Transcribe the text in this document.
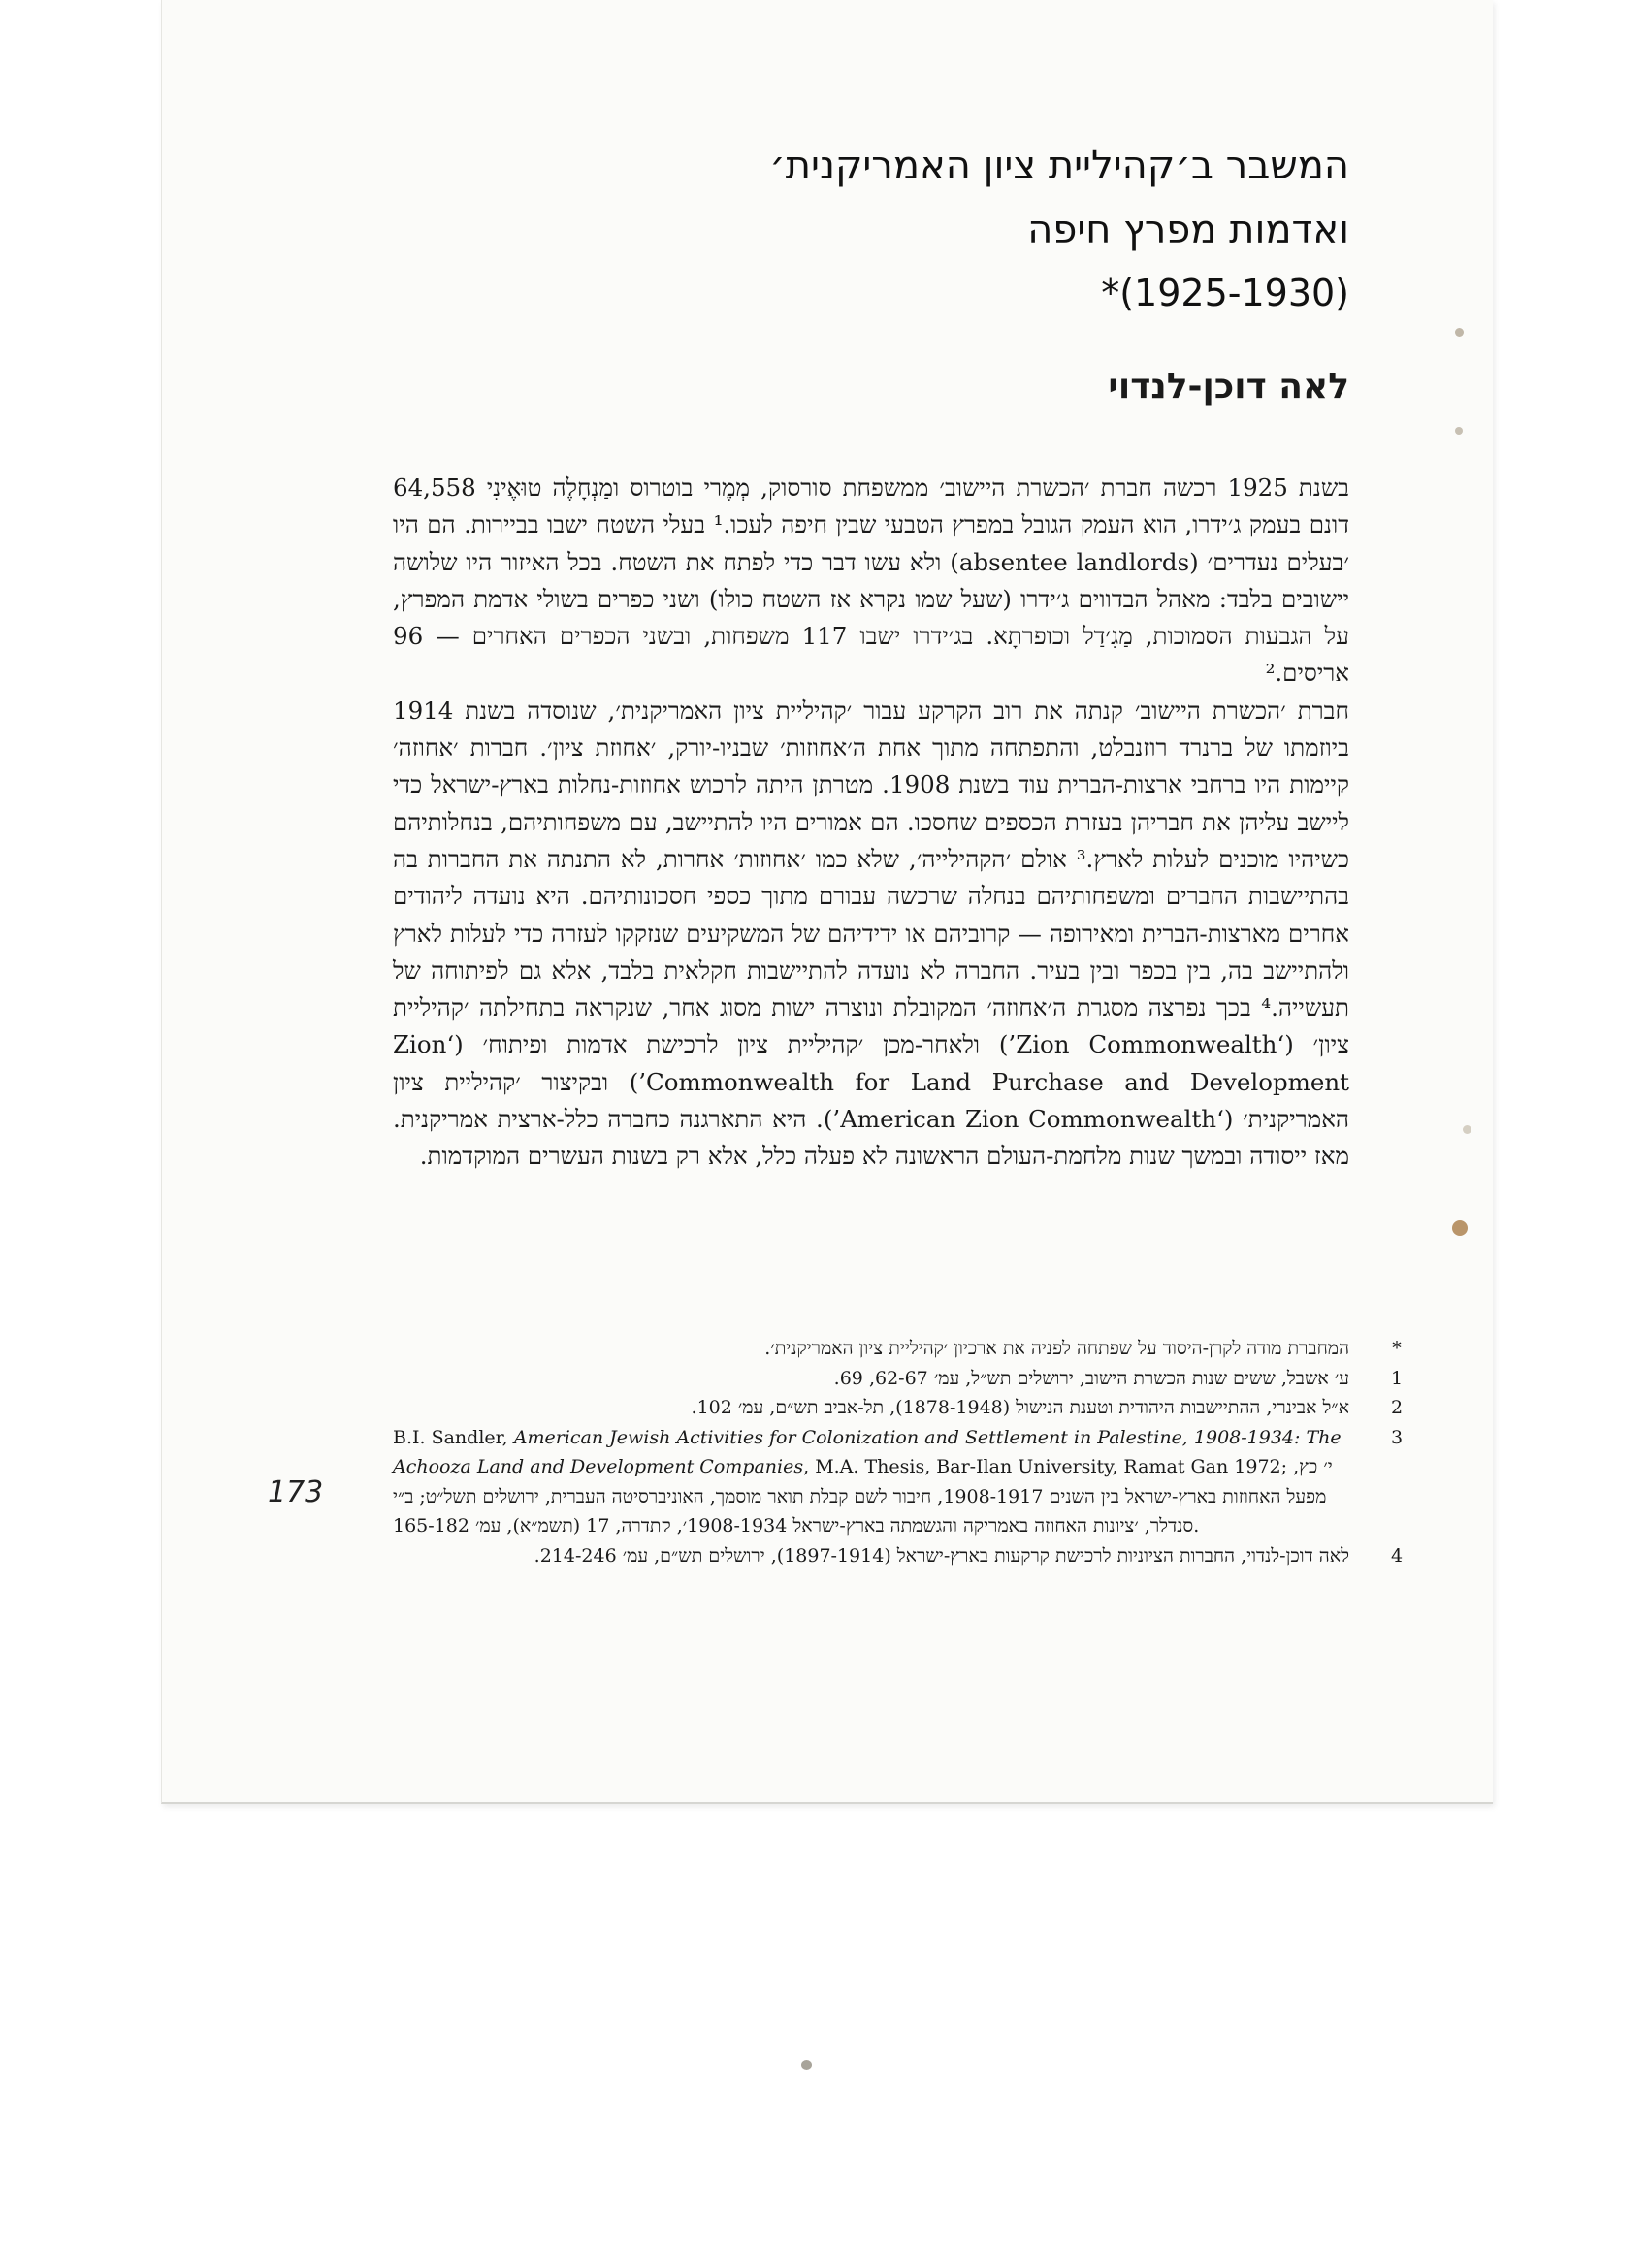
המשבר ב׳קהיליית ציון האמריקנית׳
ואדמות מפרץ חיפה
*(1925-1930)
לאה דוכן-לנדוי

בשנת 1925 רכשה חברת ׳הכשרת היישוב׳ ממשפחת סורסוק, מְמֶרי בוטרוס ומַנְחָלֶה טוּאֶינִי 64,558 דונם בעמק ג׳ידרו, הוא העמק הגובל במפרץ הטבעי שבין חיפה לעכו.¹ בעלי השטח ישבו בביירות. הם היו ׳בעלים נעדרים׳ (absentee landlords) ולא עשו דבר כדי לפתח את השטח. בכל האיזור היו שלושה יישובים בלבד: מאהל הבדווים ג׳ידרו (שעל שמו נקרא אז השטח כולו) ושני כפרים בשולי אדמת המפרץ, על הגבעות הסמוכות, מַגִ׳דַל וכופרתָא. בג׳ידרו ישבו 117 משפחות, ובשני הכפרים האחרים — 96 אריסים.²

חברת ׳הכשרת היישוב׳ קנתה את רוב הקרקע עבור ׳קהיליית ציון האמריקנית׳, שנוסדה בשנת 1914 ביוזמתו של ברנרד רוזנבלט, והתפתחה מתוך אחת ה׳אחוזות׳ שבניו-יורק, ׳אחוזת ציון׳. חברות ׳אחוזה׳ קיימות היו ברחבי ארצות-הברית עוד בשנת 1908. מטרתן היתה לרכוש אחוזות-נחלות בארץ-ישראל כדי ליישב עליהן את חבריהן בעזרת הכספים שחסכו. הם אמורים היו להתיישב, עם משפחותיהם, בנחלותיהם כשיהיו מוכנים לעלות לארץ.³ אולם ׳הקהילייה׳, שלא כמו ׳אחוזות׳ אחרות, לא התנתה את החברות בה בהתיישבות החברים ומשפחותיהם בנחלה שרכשה עבורם מתוך כספי חסכונותיהם. היא נועדה ליהודים אחרים מארצות-הברית ומאירופה — קרוביהם או ידידיהם של המשקיעים שנזקקו לעזרה כדי לעלות לארץ ולהתיישב בה, בין בכפר ובין בעיר. החברה לא נועדה להתיישבות חקלאית בלבד, אלא גם לפיתוחה של תעשייה.⁴ בכך נפרצה מסגרת ה׳אחוזה׳ המקובלת ונוצרה ישות מסוג אחר, שנקראה בתחילתה ׳קהיליית ציון׳ (‘Zion Commonwealth’) ולאחר-מכן ׳קהיליית ציון לרכישת אדמות ופיתוח׳ (‘Zion Commonwealth for Land Purchase and Development’) ובקיצור ׳קהיליית ציון האמריקנית׳ (‘American Zion Commonwealth’). היא התארגנה כחברה כלל-ארצית אמריקנית. מאז ייסודה ובמשך שנות מלחמת-העולם הראשונה לא פעלה כלל, אלא רק בשנות העשרים המוקדמות.

*
המחברת מודה לקרן-היסוד על שפתחה לפניה את ארכיון ׳קהיליית ציון האמריקנית׳.
1
ע׳ אשבל, ששים שנות הכשרת הישוב, ירושלים תש״ל, עמ׳ 62-67, 69.
2
א״ל אבינרי, ההתיישבות היהודית וטענת הנישול (1878-1948), תל-אביב תש״ם, עמ׳ 102.
3
B.I. Sandler, American Jewish Activities for Colonization and Settlement in Palestine, 1908-1934: The Achooza Land and Development Companies, M.A. Thesis, Bar-Ilan University, Ramat Gan 1972; י׳ כץ, מפעל האחוזות בארץ-ישראל בין השנים 1908-1917, חיבור לשם קבלת תואר מוסמך, האוניברסיטה העברית, ירושלים תשל״ט; ב״י סנדלר, ׳ציונות האחוזה באמריקה והגשמתה בארץ-ישראל 1908-1934׳, קתדרה, 17 (תשמ״א), עמ׳ 165-182.
4
לאה דוכן-לנדוי, החברות הציוניות לרכישת קרקעות בארץ-ישראל (1897-1914), ירושלים תש״ם, עמ׳ 214-246.
173
